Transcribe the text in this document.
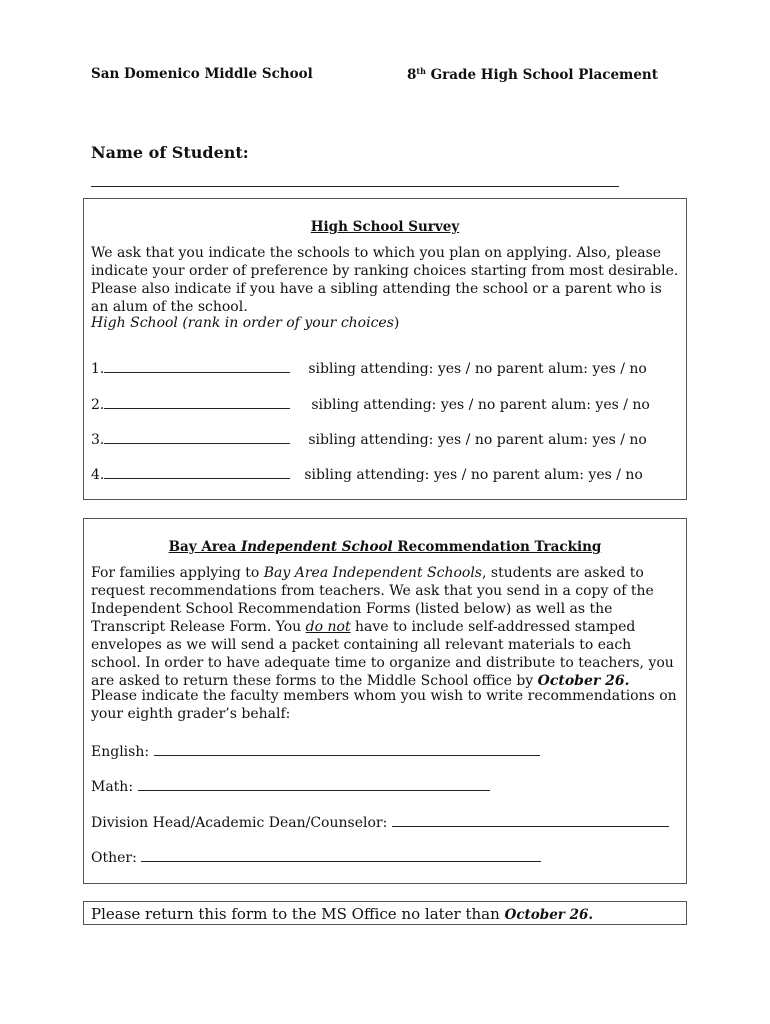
San Domenico Middle School	8th Grade High School Placement
Name of Student:
High School Survey
We ask that you indicate the schools to which you plan on applying. Also, please indicate your order of preference by ranking choices starting from most desirable. Please also indicate if you have a sibling attending the school or a parent who is an alum of the school.
High School (rank in order of your choices)
1.	sibling attending: yes / no parent alum: yes / no
2.	sibling attending: yes / no parent alum: yes / no
3.	sibling attending: yes / no parent alum: yes / no
4.	sibling attending: yes / no parent alum: yes / no
Bay Area Independent School Recommendation Tracking
For families applying to Bay Area Independent Schools, students are asked to request recommendations from teachers. We ask that you send in a copy of the Independent School Recommendation Forms (listed below) as well as the Transcript Release Form. You do not have to include self-addressed stamped envelopes as we will send a packet containing all relevant materials to each school. In order to have adequate time to organize and distribute to teachers, you are asked to return these forms to the Middle School office by October 26.
Please indicate the faculty members whom you wish to write recommendations on your eighth grader’s behalf:
English:
Math:
Division Head/Academic Dean/Counselor:
Other:
Please return this form to the MS Office no later than October 26.
